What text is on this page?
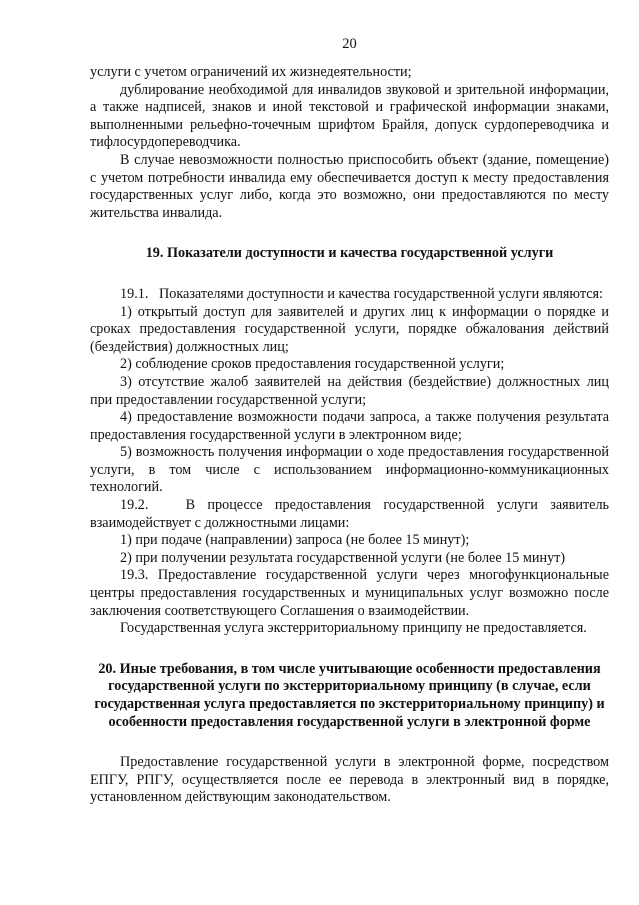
20

услуги с учетом ограничений их жизнедеятельности;

дублирование необходимой для инвалидов звуковой и зрительной информации, а также надписей, знаков и иной текстовой и графической информации знаками, выполненными рельефно-точечным шрифтом Брайля, допуск сурдопереводчика и тифлосурдопереводчика.

В случае невозможности полностью приспособить объект (здание, помещение) с учетом потребности инвалида ему обеспечивается доступ к месту предоставления государственных услуг либо, когда это возможно, они предоставляются по месту жительства инвалида.

19. Показатели доступности и качества государственной услуги

19.1.   Показателями доступности и качества государственной услуги являются:

1) открытый доступ для заявителей и других лиц к информации о порядке и сроках предоставления государственной услуги, порядке обжалования действий (бездействия) должностных лиц;

2) соблюдение сроков предоставления государственной услуги;

3) отсутствие жалоб заявителей на действия (бездействие) должностных лиц при предоставлении государственной услуги;

4) предоставление возможности подачи запроса, а также получения результата предоставления государственной услуги в электронном виде;

5) возможность получения информации о ходе предоставления государственной услуги, в том числе с использованием информационно-коммуникационных технологий.

19.2.   В процессе предоставления государственной услуги заявитель взаимодействует с должностными лицами:

1) при подаче (направлении) запроса (не более 15 минут);

2) при получении результата государственной услуги (не более 15 минут)

19.3. Предоставление государственной услуги через многофункциональные центры предоставления государственных и муниципальных услуг возможно после заключения соответствующего Соглашения о взаимодействии.

Государственная услуга экстерриториальному принципу не предоставляется.

20. Иные требования, в том числе учитывающие особенности предоставления государственной услуги по экстерриториальному принципу (в случае, если государственная услуга предоставляется по экстерриториальному принципу) и особенности предоставления государственной услуги в электронной форме

Предоставление государственной услуги в электронной форме, посредством ЕПГУ, РПГУ, осуществляется после ее перевода в электронный вид в порядке, установленном действующим законодательством.
